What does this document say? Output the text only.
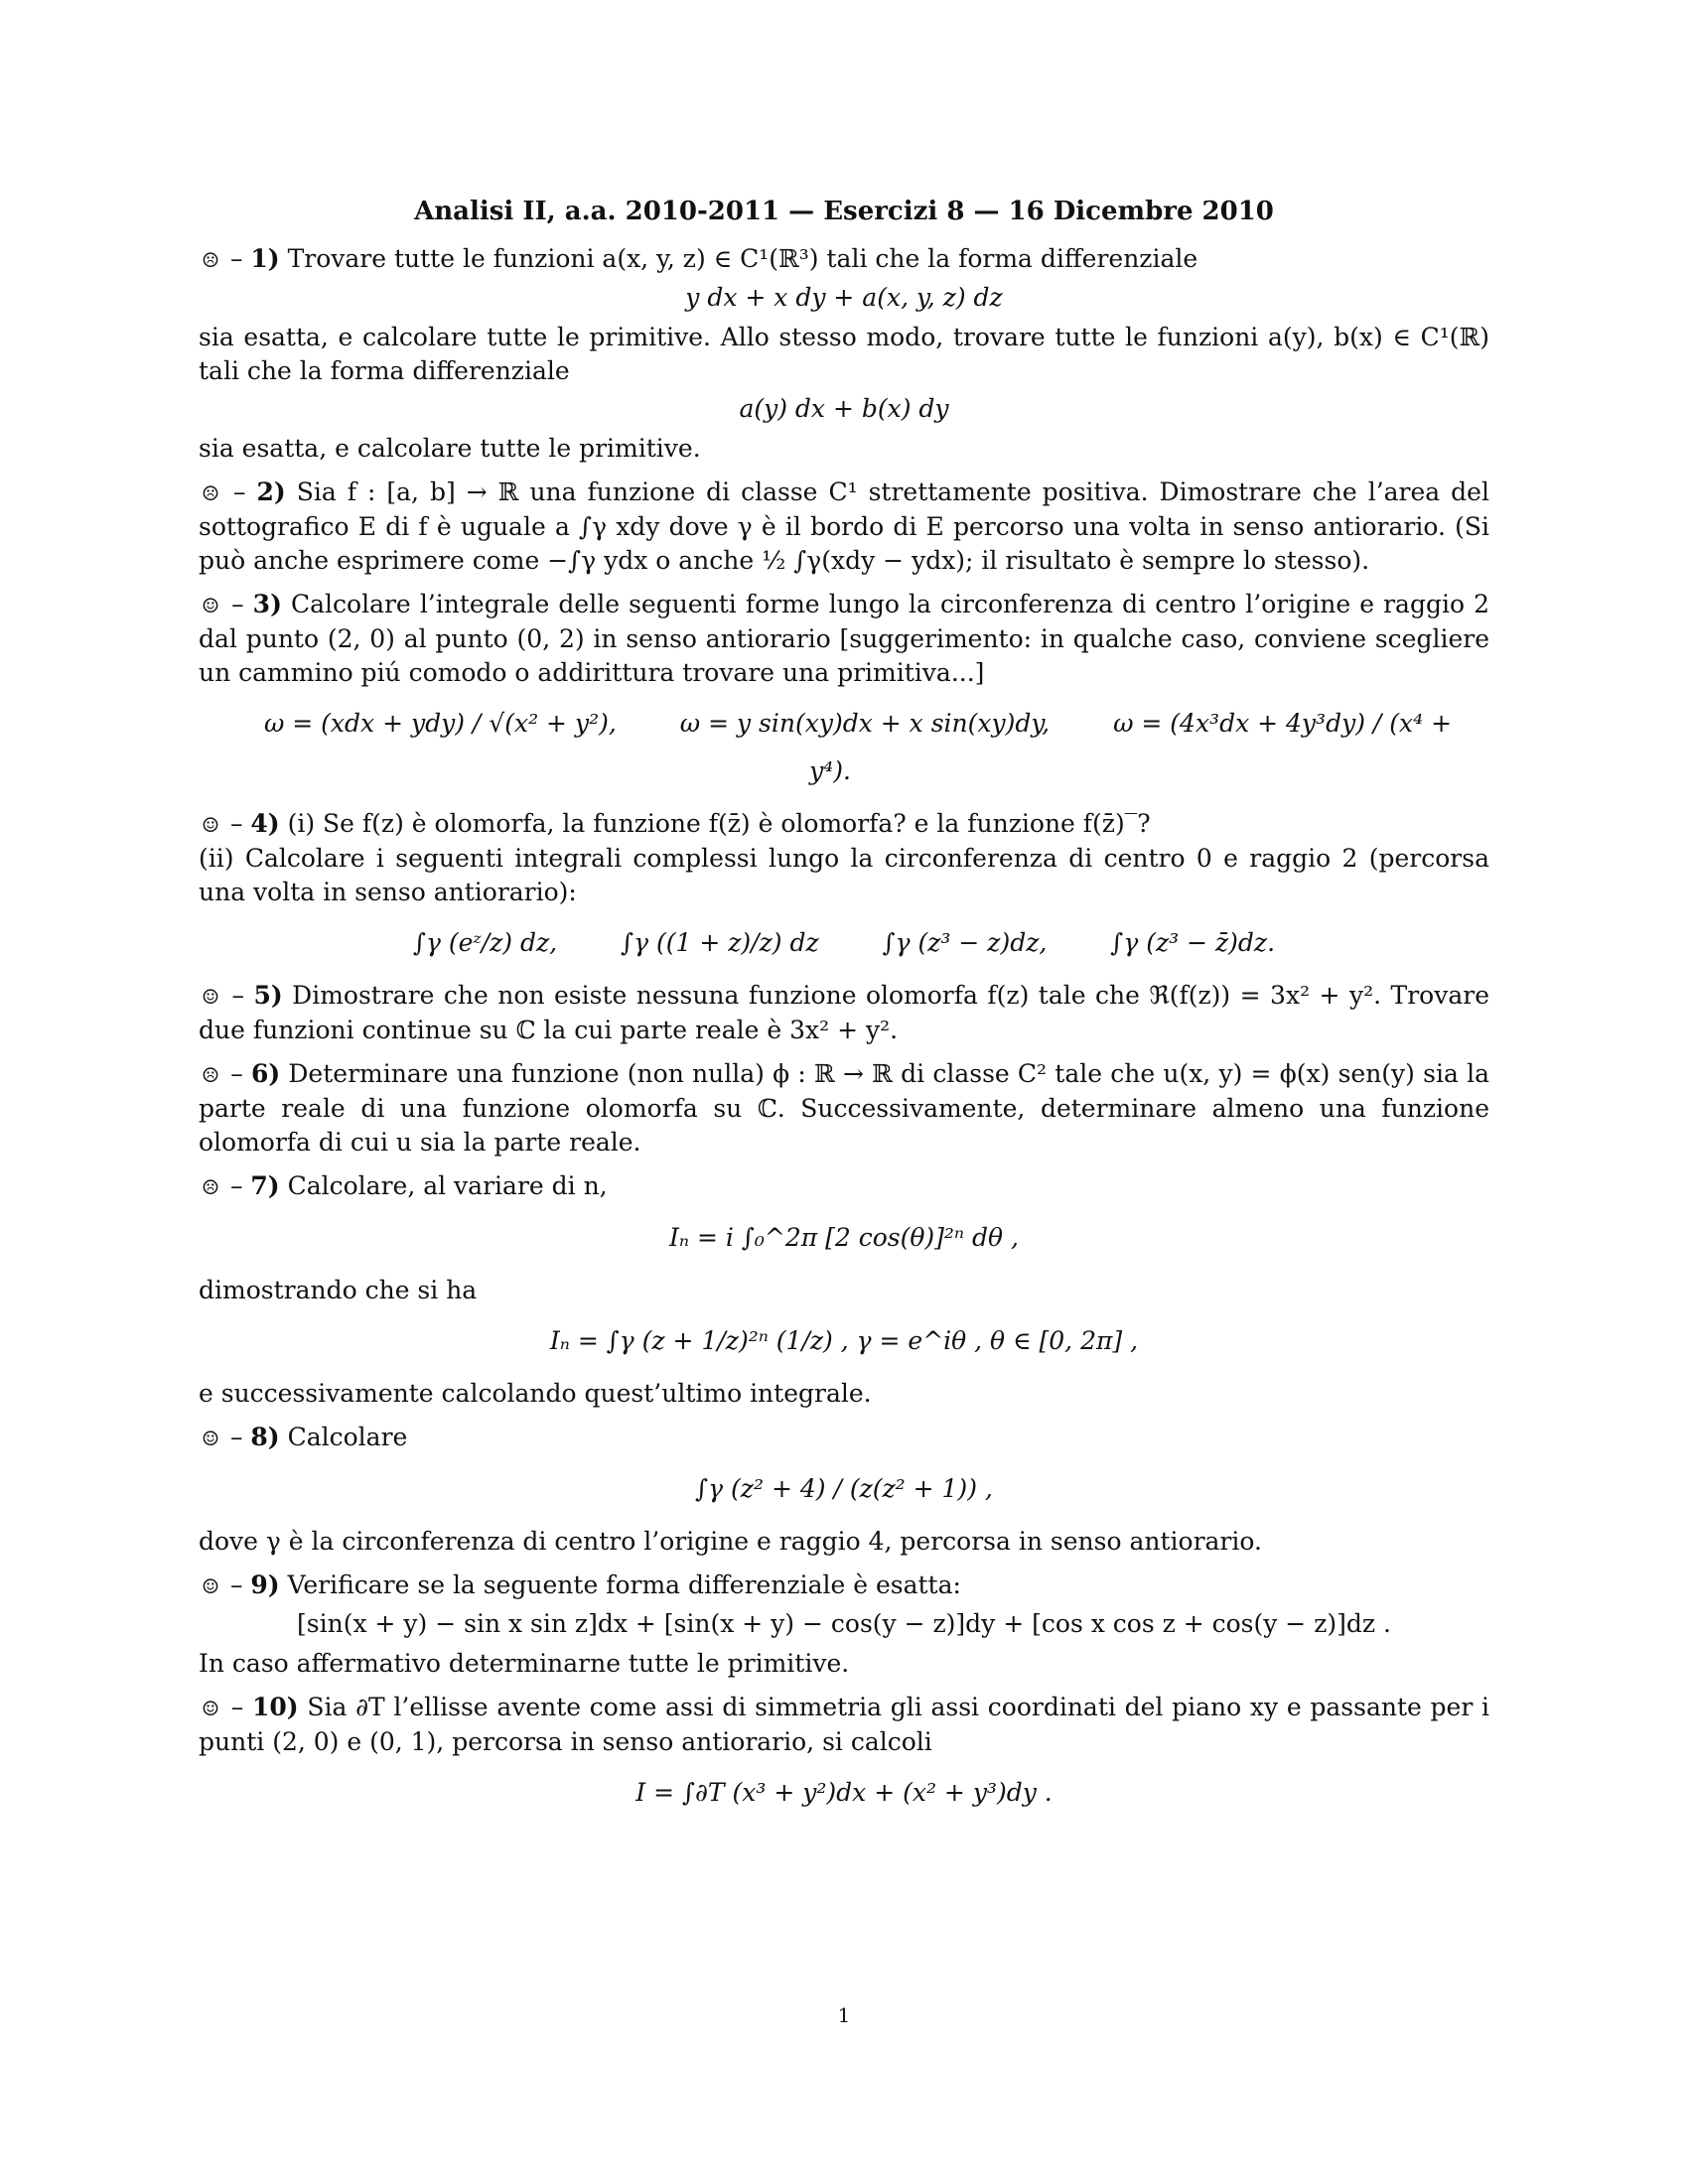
Analisi II, a.a. 2010-2011 — Esercizi 8 — 16 Dicembre 2010

☹ – 1) Trovare tutte le funzioni a(x, y, z) ∈ C¹(ℝ³) tali che la forma differenziale

y dx + x dy + a(x, y, z) dz

sia esatta, e calcolare tutte le primitive. Allo stesso modo, trovare tutte le funzioni a(y), b(x) ∈ C¹(ℝ) tali che la forma differenziale

a(y) dx + b(x) dy

sia esatta, e calcolare tutte le primitive.

☹ – 2) Sia f : [a, b] → ℝ una funzione di classe C¹ strettamente positiva. Dimostrare che l’area del sottografico E di f è uguale a ∫γ xdy dove γ è il bordo di E percorso una volta in senso antiorario. (Si può anche esprimere come −∫γ ydx o anche ½ ∫γ(xdy − ydx); il risultato è sempre lo stesso).

☺ – 3) Calcolare l’integrale delle seguenti forme lungo la circonferenza di centro l’origine e raggio 2 dal punto (2, 0) al punto (0, 2) in senso antiorario [suggerimento: in qualche caso, conviene scegliere un cammino piú comodo o addirittura trovare una primitiva...]

ω = (xdx + ydy) / √(x² + y²),	ω = y sin(xy)dx + x sin(xy)dy,	ω = (4x³dx + 4y³dy) / (x⁴ + y⁴).

☺ – 4) (i) Se f(z) è olomorfa, la funzione f(z̄) è olomorfa? e la funzione f(z̄)‾?

(ii) Calcolare i seguenti integrali complessi lungo la circonferenza di centro 0 e raggio 2 (percorsa una volta in senso antiorario):

∫γ (eᶻ/z) dz,	∫γ ((1 + z)/z) dz	∫γ (z³ − z)dz,	∫γ (z³ − z̄)dz.

☺ – 5) Dimostrare che non esiste nessuna funzione olomorfa f(z) tale che ℜ(f(z)) = 3x² + y². Trovare due funzioni continue su ℂ la cui parte reale è 3x² + y².

☹ – 6) Determinare una funzione (non nulla) ϕ : ℝ → ℝ di classe C² tale che u(x, y) = ϕ(x) sen(y) sia la parte reale di una funzione olomorfa su ℂ. Successivamente, determinare almeno una funzione olomorfa di cui u sia la parte reale.

☹ – 7) Calcolare, al variare di n,

Iₙ = i ∫₀^2π [2 cos(θ)]²ⁿ dθ ,

dimostrando che si ha

Iₙ = ∫γ (z + 1/z)²ⁿ (1/z) , γ = e^iθ , θ ∈ [0, 2π] ,

e successivamente calcolando quest’ultimo integrale.

☺ – 8) Calcolare

∫γ (z² + 4) / (z(z² + 1)) ,

dove γ è la circonferenza di centro l’origine e raggio 4, percorsa in senso antiorario.

☺ – 9) Verificare se la seguente forma differenziale è esatta:

[sin(x + y) − sin x sin z]dx + [sin(x + y) − cos(y − z)]dy + [cos x cos z + cos(y − z)]dz .

In caso affermativo determinarne tutte le primitive.

☺ – 10) Sia ∂T l’ellisse avente come assi di simmetria gli assi coordinati del piano xy e passante per i punti (2, 0) e (0, 1), percorsa in senso antiorario, si calcoli

I = ∫∂T (x³ + y²)dx + (x² + y³)dy .
1
